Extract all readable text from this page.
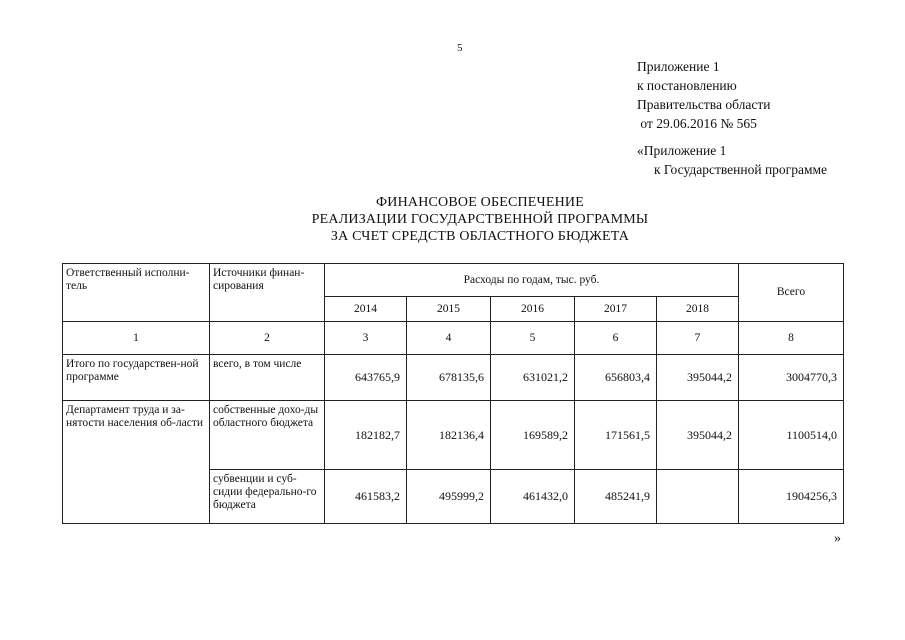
5
Приложение 1
к постановлению
Правительства области
от 29.06.2016 № 565
«Приложение 1
к Государственной программе
ФИНАНСОВОЕ ОБЕСПЕЧЕНИЕ
РЕАЛИЗАЦИИ ГОСУДАРСТВЕННОЙ ПРОГРАММЫ
ЗА СЧЕТ СРЕДСТВ ОБЛАСТНОГО БЮДЖЕТА
Ответственный исполни-тель	Источники финан-сирования	Расходы по годам, тыс. руб.					Всего
		2014	2015	2016	2017	2018	
1	2	3	4	5	6	7	8
Итого по государствен-ной программе	всего, в том числе	643765,9	678135,6	631021,2	656803,4	395044,2	3004770,3
Департамент труда и за-нятости населения об-ласти	собственные дохо-ды областного бюджета	182182,7	182136,4	169589,2	171561,5	395044,2	1100514,0
	субвенции и суб-сидии федерально-го бюджета	461583,2	495999,2	461432,0	485241,9		1904256,3
»
